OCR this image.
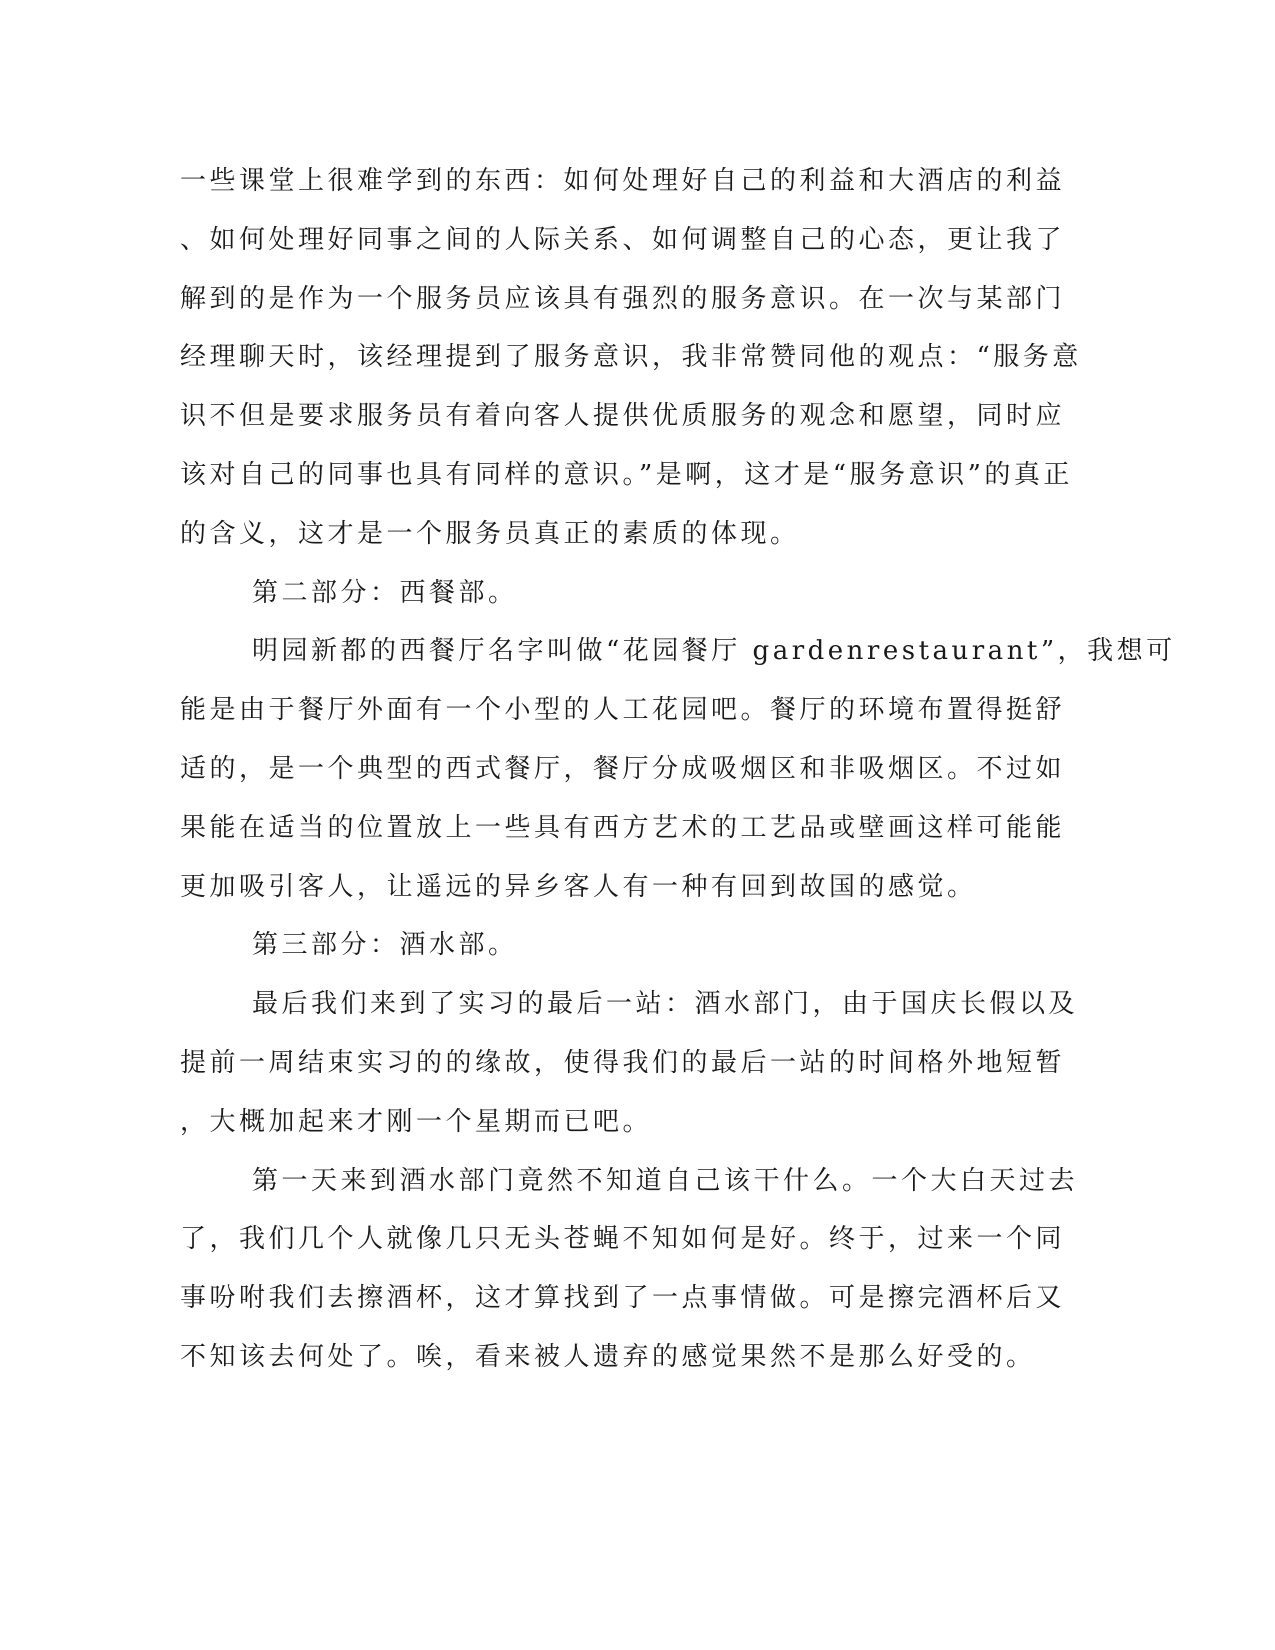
一些课堂上很难学到的东西：如何处理好自己的利益和大酒店的利益
、如何处理好同事之间的人际关系、如何调整自己的心态，更让我了
解到的是作为一个服务员应该具有强烈的服务意识。在一次与某部门
经理聊天时，该经理提到了服务意识，我非常赞同他的观点：“服务意
识不但是要求服务员有着向客人提供优质服务的观念和愿望，同时应
该对自己的同事也具有同样的意识。”是啊，这才是“服务意识”的真正
的含义，这才是一个服务员真正的素质的体现。
第二部分：西餐部。
明园新都的西餐厅名字叫做“花园餐厅 gardenrestaurant”，我想可
能是由于餐厅外面有一个小型的人工花园吧。餐厅的环境布置得挺舒
适的，是一个典型的西式餐厅，餐厅分成吸烟区和非吸烟区。不过如
果能在适当的位置放上一些具有西方艺术的工艺品或壁画这样可能能
更加吸引客人，让遥远的异乡客人有一种有回到故国的感觉。
第三部分：酒水部。
最后我们来到了实习的最后一站：酒水部门，由于国庆长假以及
提前一周结束实习的的缘故，使得我们的最后一站的时间格外地短暂
，大概加起来才刚一个星期而已吧。
第一天来到酒水部门竟然不知道自己该干什么。一个大白天过去
了，我们几个人就像几只无头苍蝇不知如何是好。终于，过来一个同
事吩咐我们去擦酒杯，这才算找到了一点事情做。可是擦完酒杯后又
不知该去何处了。唉，看来被人遗弃的感觉果然不是那么好受的。
